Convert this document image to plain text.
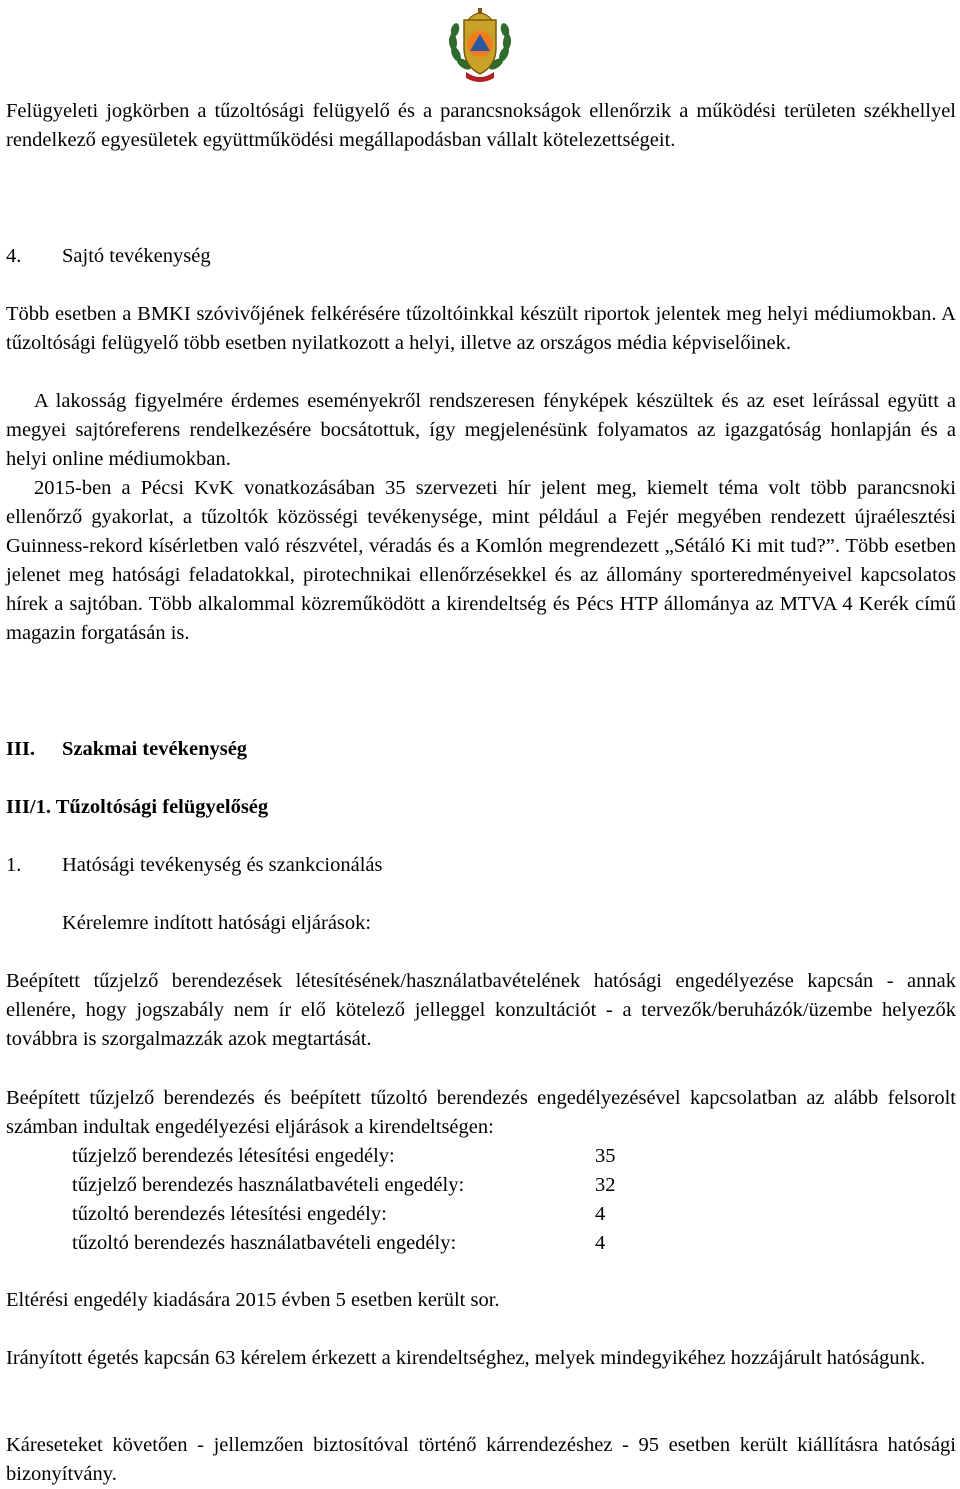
Felügyeleti jogkörben a tűzoltósági felügyelő és a parancsnokságok ellenőrzik a működési területen székhellyel rendelkező egyesületek együttműködési megállapodásban vállalt kötelezettségeit.

4. Sajtó tevékenység

Több esetben a BMKI szóvivőjének felkérésére tűzoltóinkkal készült riportok jelentek meg helyi médiumokban. A tűzoltósági felügyelő több esetben nyilatkozott a helyi, illetve az országos média képviselőinek.

A lakosság figyelmére érdemes eseményekről rendszeresen fényképek készültek és az eset leírással együtt a megyei sajtóreferens rendelkezésére bocsátottuk, így megjelenésünk folyamatos az igazgatóság honlapján és a helyi online médiumokban.

2015-ben a Pécsi KvK vonatkozásában 35 szervezeti hír jelent meg, kiemelt téma volt több parancsnoki ellenőrző gyakorlat, a tűzoltók közösségi tevékenysége, mint például a Fejér megyében rendezett újraélesztési Guinness-rekord kísérletben való részvétel, véradás és a Komlón megrendezett „Sétáló Ki mit tud?”. Több esetben jelenet meg hatósági feladatokkal, pirotechnikai ellenőrzésekkel és az állomány sporteredményeivel kapcsolatos hírek a sajtóban. Több alkalommal közreműködött a kirendeltség és Pécs HTP állománya az MTVA 4 Kerék című magazin forgatásán is.

III. Szakmai tevékenység
III/1. Tűzoltósági felügyelőség
1. Hatósági tevékenység és szankcionálás
Kérelemre indított hatósági eljárások:

Beépített tűzjelző berendezések létesítésének/használatbavételének hatósági engedélyezése kapcsán - annak ellenére, hogy jogszabály nem ír elő kötelező jelleggel konzultációt - a tervezők/beruházók/üzembe helyezők továbbra is szorgalmazzák azok megtartását.

Beépített tűzjelző berendezés és beépített tűzoltó berendezés engedélyezésével kapcsolatban az alább felsorolt számban indultak engedélyezési eljárások a kirendeltségen:

Eltérési engedély kiadására 2015 évben 5 esetben került sor.

Irányított égetés kapcsán 63 kérelem érkezett a kirendeltséghez, melyek mindegyikéhez hozzájárult hatóságunk.

Káreseteket követően - jellemzően biztosítóval történő kárrendezéshez - 95 esetben került kiállításra hatósági bizonyítvány.

tűzjelző berendezés létesítési engedély:	35
tűzjelző berendezés használatbavételi engedély:	32
tűzoltó berendezés létesítési engedély:	4
tűzoltó berendezés használatbavételi engedély:	4
